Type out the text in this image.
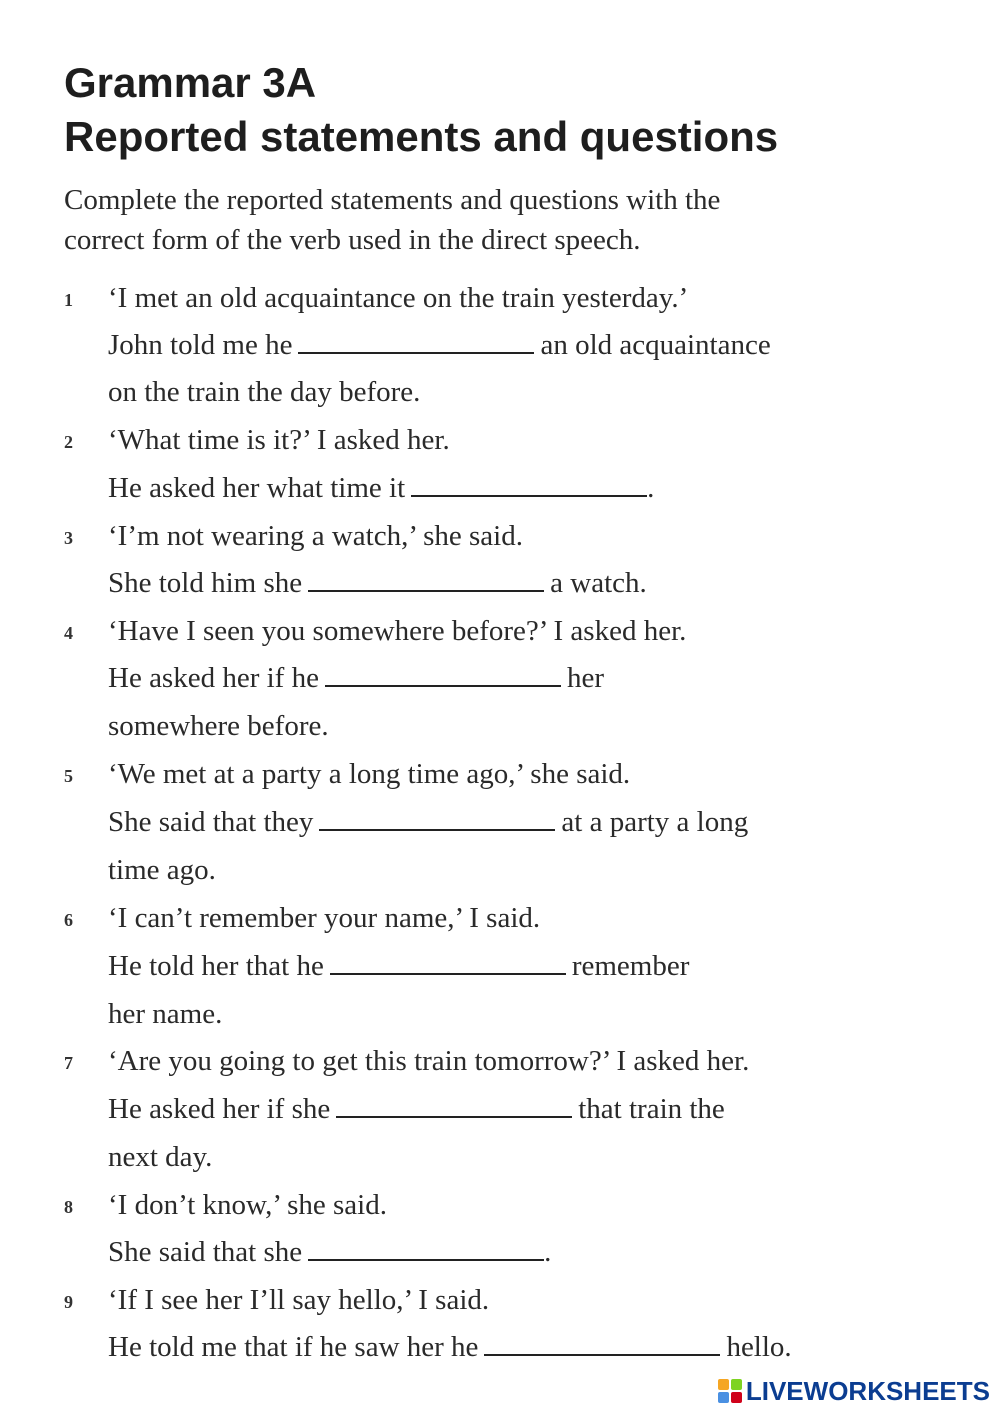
Grammar 3A
Reported statements and questions
Complete the reported statements and questions with the
correct form of the verb used in the direct speech.
1	‘I met an old acquaintance on the train yesterday.’
John told me he	an old acquaintance
on the train the day before.
2	‘What time is it?’ I asked her.
He asked her what time it	.
3	‘I’m not wearing a watch,’ she said.
She told him she	a watch.
4	‘Have I seen you somewhere before?’ I asked her.
He asked her if he	her
somewhere before.
5	‘We met at a party a long time ago,’ she said.
She said that they	at a party a long
time ago.
6	‘I can’t remember your name,’ I said.
He told her that he	remember
her name.
7	‘Are you going to get this train tomorrow?’ I asked her.
He asked her if she	that train the
next day.
8	‘I don’t know,’ she said.
She said that she	.
9	‘If I see her I’ll say hello,’ I said.
He told me that if he saw her he	hello.
LIVEWORKSHEETS
